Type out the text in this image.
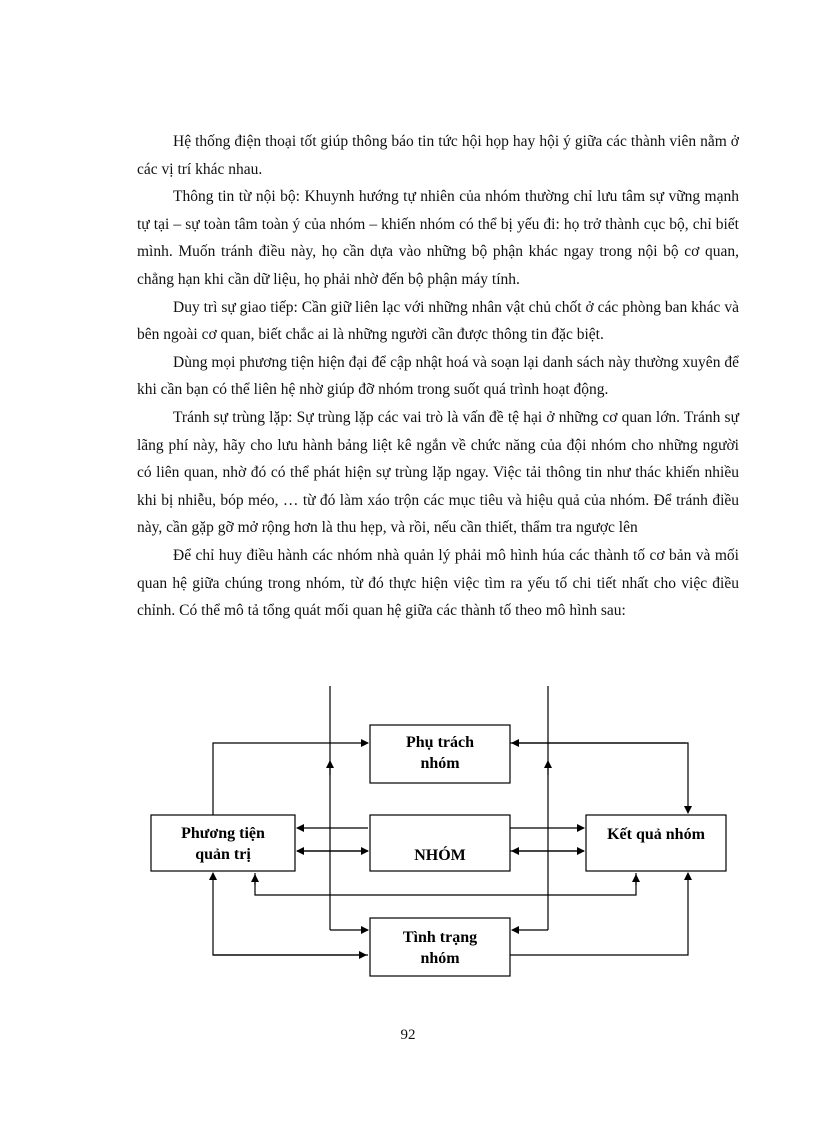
Hệ thống điện thoại tốt giúp thông báo tin tức hội họp hay hội ý giữa các thành viên nằm ở các vị trí khác nhau.

Thông tin từ nội bộ: Khuynh hướng tự nhiên của nhóm thường chỉ lưu tâm sự vững mạnh tự tại – sự toàn tâm toàn ý của nhóm – khiến nhóm có thể bị yếu đi: họ trở thành cục bộ, chỉ biết mình. Muốn tránh điều này, họ cần dựa vào những bộ phận khác ngay trong nội bộ cơ quan, chẳng hạn khi cần dữ liệu, họ phải nhờ đến bộ phận máy tính.

Duy trì sự giao tiếp: Cần giữ liên lạc với những nhân vật chủ chốt ở các phòng ban khác và bên ngoài cơ quan, biết chắc ai là những người cần được thông tin đặc biệt.

Dùng mọi phương tiện hiện đại để cập nhật hoá và soạn lại danh sách này thường xuyên để khi cần bạn có thể liên hệ nhờ giúp đỡ nhóm trong suốt quá trình hoạt động.

Tránh sự trùng lặp: Sự trùng lặp các vai trò là vấn đề tệ hại ở những cơ quan lớn. Tránh sự lãng phí này, hãy cho lưu hành bảng liệt kê ngắn về chức năng của đội nhóm cho những người có liên quan, nhờ đó có thể phát hiện sự trùng lặp ngay. Việc tải thông tin như thác khiến nhiều khi bị nhiễu, bóp méo, … từ đó làm xáo trộn các mục tiêu và hiệu quả của nhóm. Để tránh điều này, cần gặp gỡ mở rộng hơn là thu hẹp, và rồi, nếu cần thiết, thẩm tra ngược lên

Để chỉ huy điều hành các nhóm nhà quản lý phải mô hình húa các thành tố cơ bản và mối quan hệ giữa chúng trong nhóm, từ đó thực hiện việc tìm ra yếu tố chi tiết nhất cho việc điều chỉnh. Có thể mô tả tổng quát mối quan hệ giữa các thành tố theo mô hình sau:

Phụ trách
nhóm
Phương tiện
quản trị	NHÓM
Kết quả nhóm
Tình trạng
nhóm
92
